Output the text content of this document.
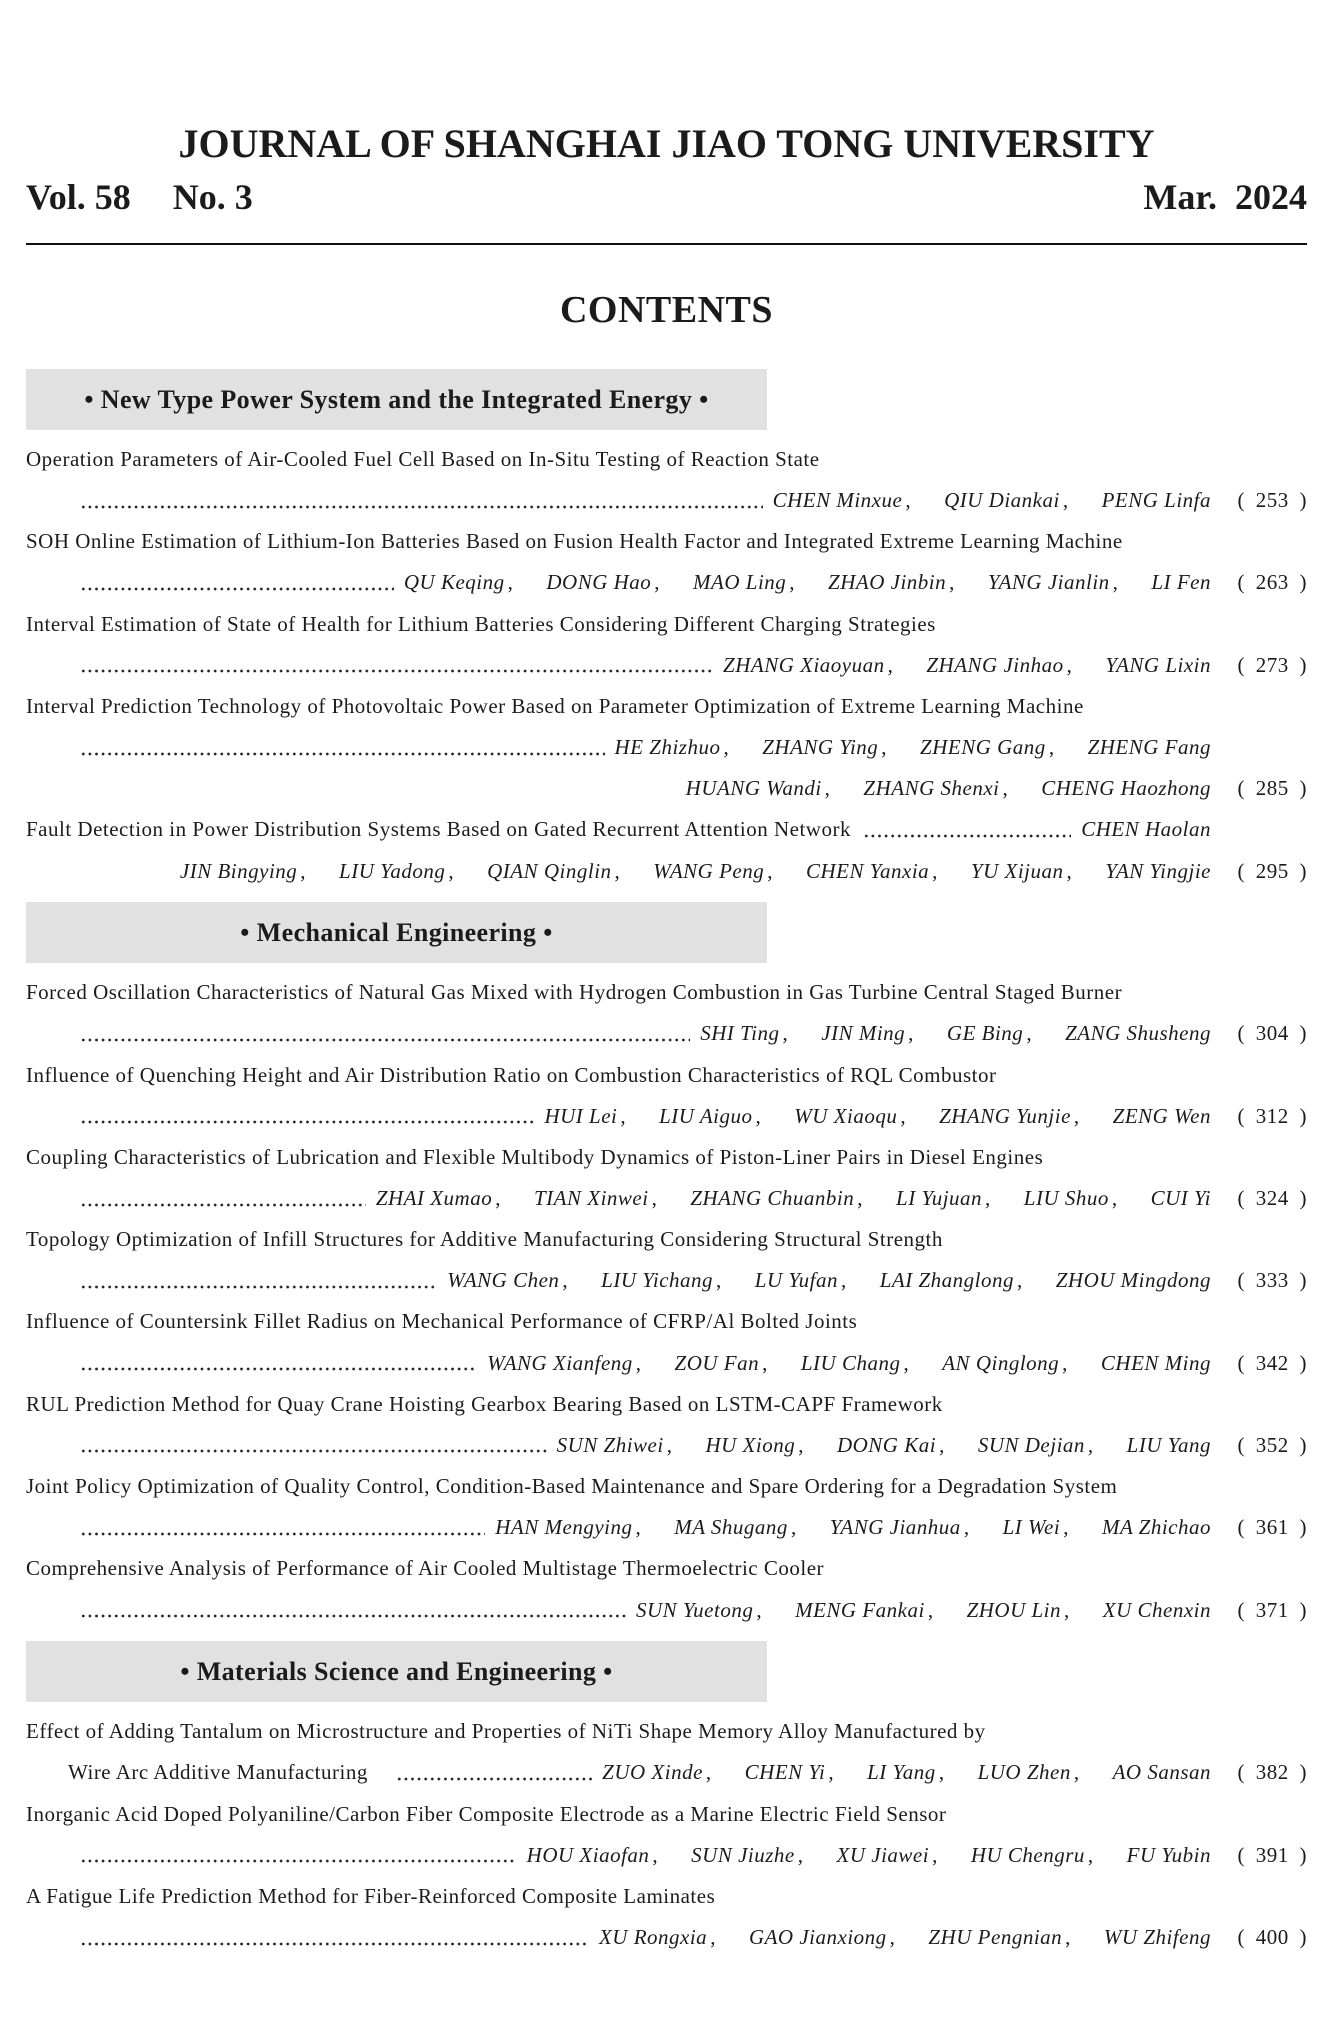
JOURNAL OF SHANGHAI JIAO TONG UNIVERSITY
Vol. 58 No. 3	Mar.  2024
CONTENTS
• New Type Power System and the Integrated Energy •
Operation Parameters of Air-Cooled Fuel Cell Based on In-Situ Testing of Reaction State
CHEN Minxue , QIU Diankai , PENG Linfa	( 253 )
SOH Online Estimation of Lithium-Ion Batteries Based on Fusion Health Factor and Integrated Extreme Learning Machine
QU Keqing , DONG Hao , MAO Ling , ZHAO Jinbin , YANG Jianlin , LI Fen	( 263 )
Interval Estimation of State of Health for Lithium Batteries Considering Different Charging Strategies
ZHANG Xiaoyuan , ZHANG Jinhao , YANG Lixin	( 273 )
Interval Prediction Technology of Photovoltaic Power Based on Parameter Optimization of Extreme Learning Machine
HE Zhizhuo , ZHANG Ying , ZHENG Gang , ZHENG Fang
HUANG Wandi , ZHANG Shenxi , CHENG Haozhong	( 285 )
Fault Detection in Power Distribution Systems Based on Gated Recurrent Attention Network	CHEN Haolan
JIN Bingying , LIU Yadong , QIAN Qinglin , WANG Peng , CHEN Yanxia , YU Xijuan , YAN Yingjie	( 295 )
• Mechanical Engineering •
Forced Oscillation Characteristics of Natural Gas Mixed with Hydrogen Combustion in Gas Turbine Central Staged Burner
SHI Ting , JIN Ming , GE Bing , ZANG Shusheng	( 304 )
Influence of Quenching Height and Air Distribution Ratio on Combustion Characteristics of RQL Combustor
HUI Lei , LIU Aiguo , WU Xiaoqu , ZHANG Yunjie , ZENG Wen	( 312 )
Coupling Characteristics of Lubrication and Flexible Multibody Dynamics of Piston-Liner Pairs in Diesel Engines
ZHAI Xumao , TIAN Xinwei , ZHANG Chuanbin , LI Yujuan , LIU Shuo , CUI Yi	( 324 )
Topology Optimization of Infill Structures for Additive Manufacturing Considering Structural Strength
WANG Chen , LIU Yichang , LU Yufan , LAI Zhanglong , ZHOU Mingdong	( 333 )
Influence of Countersink Fillet Radius on Mechanical Performance of CFRP/Al Bolted Joints
WANG Xianfeng , ZOU Fan , LIU Chang , AN Qinglong , CHEN Ming	( 342 )
RUL Prediction Method for Quay Crane Hoisting Gearbox Bearing Based on LSTM-CAPF Framework
SUN Zhiwei , HU Xiong , DONG Kai , SUN Dejian , LIU Yang	( 352 )
Joint Policy Optimization of Quality Control, Condition-Based Maintenance and Spare Ordering for a Degradation System
HAN Mengying , MA Shugang , YANG Jianhua , LI Wei , MA Zhichao	( 361 )
Comprehensive Analysis of Performance of Air Cooled Multistage Thermoelectric Cooler
SUN Yuetong , MENG Fankai , ZHOU Lin , XU Chenxin	( 371 )
• Materials Science and Engineering •
Effect of Adding Tantalum on Microstructure and Properties of NiTi Shape Memory Alloy Manufactured by
Wire Arc Additive Manufacturing	ZUO Xinde , CHEN Yi , LI Yang , LUO Zhen , AO Sansan	( 382 )
Inorganic Acid Doped Polyaniline/Carbon Fiber Composite Electrode as a Marine Electric Field Sensor
HOU Xiaofan , SUN Jiuzhe , XU Jiawei , HU Chengru , FU Yubin	( 391 )
A Fatigue Life Prediction Method for Fiber-Reinforced Composite Laminates
XU Rongxia , GAO Jianxiong , ZHU Pengnian , WU Zhifeng	( 400 )
